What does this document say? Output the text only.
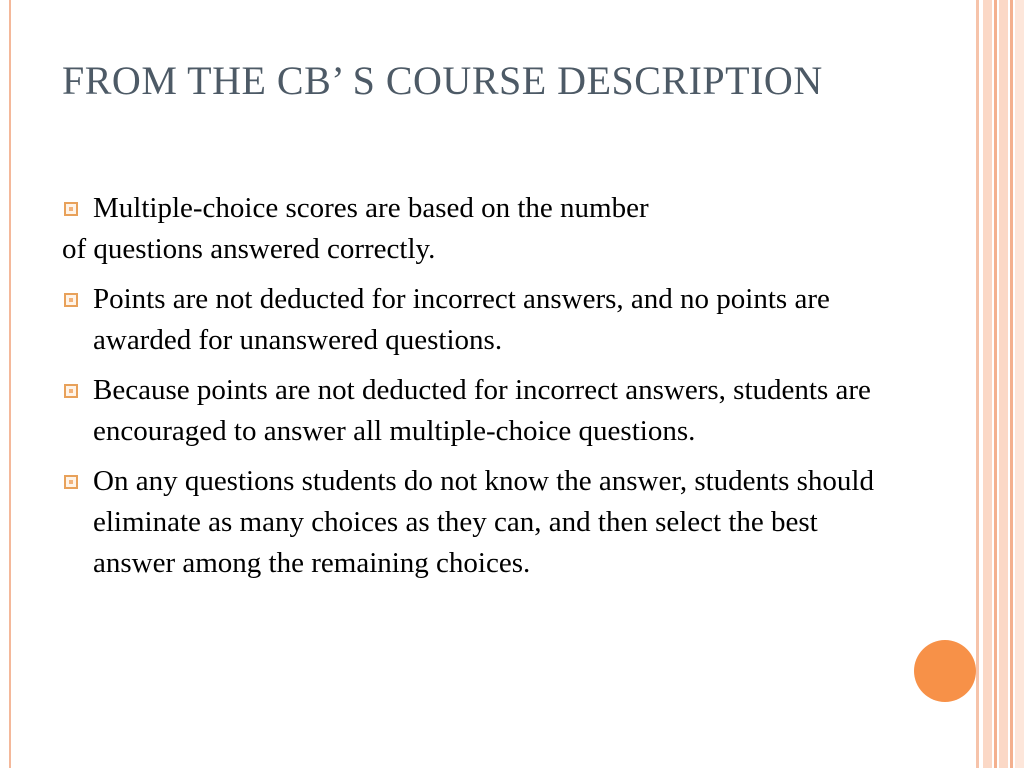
FROM THE CB’ S COURSE DESCRIPTION
Multiple-choice scores are based on the number
of questions answered correctly.
Points are not deducted for incorrect answers, and no points are awarded for unanswered questions.
Because points are not deducted for incorrect answers, students are encouraged to answer all multiple-choice questions.
On any questions students do not know the answer, students should eliminate as many choices as they can, and then select the best answer among the remaining choices.
